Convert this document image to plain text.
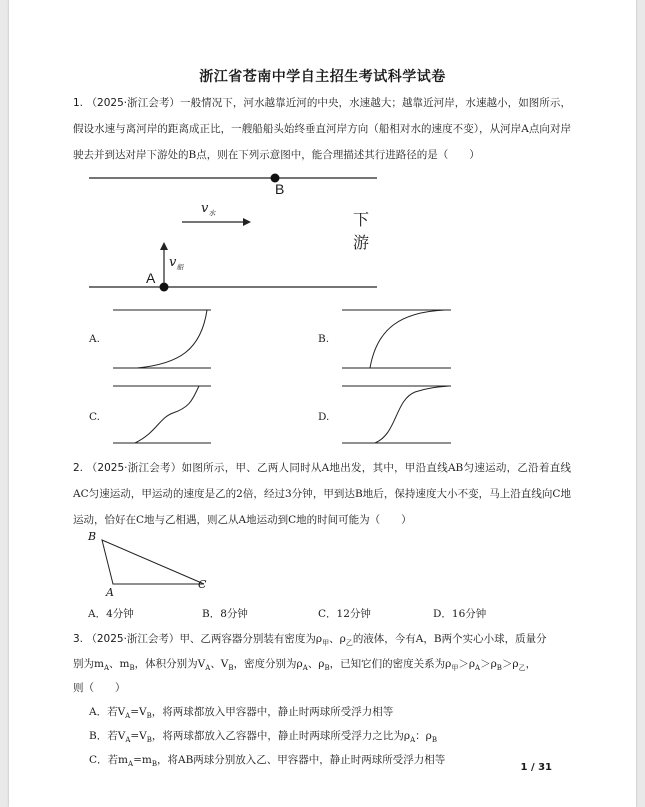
浙江省苍南中学自主招生考试科学试卷
1. （2025·浙江会考）一般情况下，河水越靠近河的中央，水速越大；越靠近河岸，水速越小，如图所示，假设水速与离河岸的距离成正比，一艘船船头始终垂直河岸方向（船相对水的速度不变），从河岸A点向对岸驶去并到达对岸下游处的B点，则在下列示意图中，能合理描述其行进路径的是（　　）
B
A
$v_水$
$v_船$
下
游
A.	B.
C.	D.
2. （2025·浙江会考）如图所示，甲、乙两人同时从A地出发，其中，甲沿直线AB匀速运动，乙沿着直线AC匀速运动，甲运动的速度是乙的2倍，经过3分钟，甲到达B地后，保持速度大小不变，马上沿直线向C地运动，恰好在C地与乙相遇，则乙从A地运动到C地的时间可能为（　　）
B
A
C
A．4分钟	B．8分钟	C．12分钟	D．16分钟
3. （2025·浙江会考）甲、乙两容器分别装有密度为$\rho_甲$、$\rho_乙$的液体，今有A，B两个实心小球，质量分
别为$m_A$、$m_B$，体积分别为$V_A$、$V_B$，密度分别为$\rho_A$、$\rho_B$，已知它们的密度关系为$\rho_甲>\rho_A>\rho_B>\rho_乙$，
则（　　）
A．若$V_A=V_B$，将两球都放入甲容器中，静止时两球所受浮力相等
B．若$V_A=V_B$，将两球都放入乙容器中，静止时两球所受浮力之比为$\rho_A$：$\rho_B$
C．若$m_A=m_B$，将AB两球分别放入乙、甲容器中，静止时两球所受浮力相等
1 / 31
